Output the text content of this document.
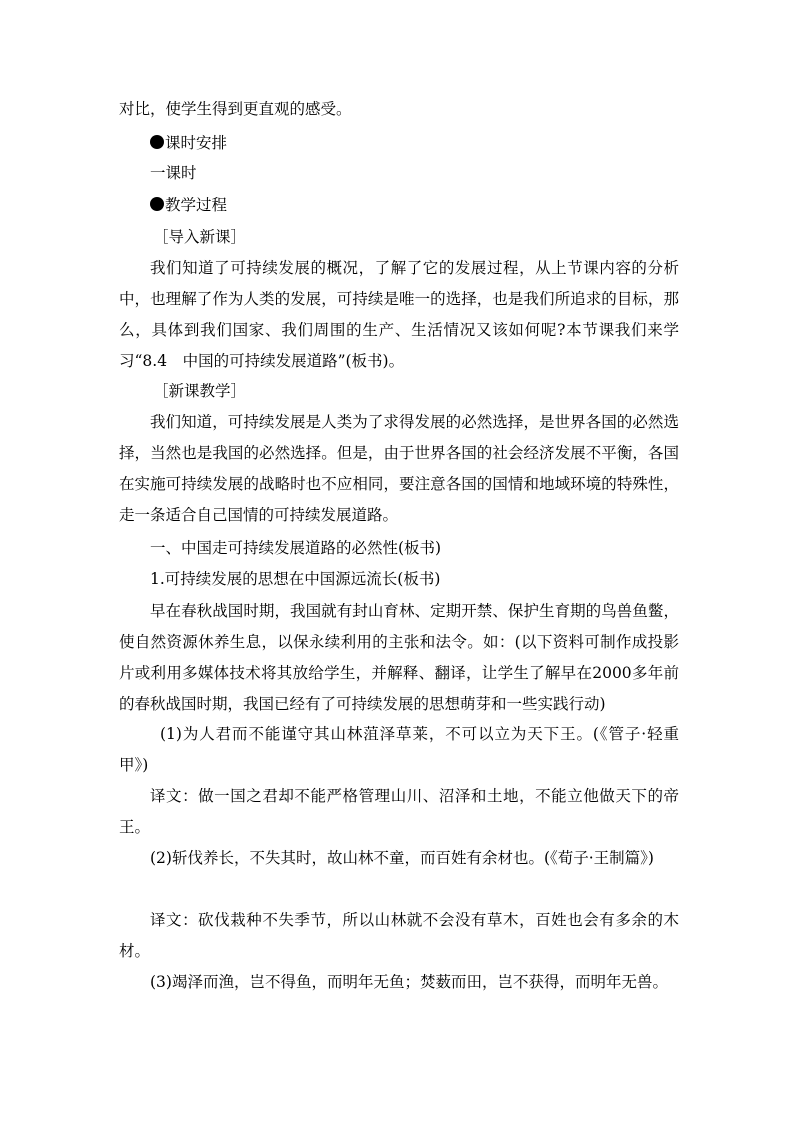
对比，使学生得到更直观的感受。

课时安排

一课时

教学过程

［导入新课］

我们知道了可持续发展的概况，了解了它的发展过程，从上节课内容的分析中，也理解了作为人类的发展，可持续是唯一的选择，也是我们所追求的目标，那么，具体到我们国家、我们周围的生产、生活情况又该如何呢?本节课我们来学习“8.4　中国的可持续发展道路”(板书)。

［新课教学］

我们知道，可持续发展是人类为了求得发展的必然选择，是世界各国的必然选择，当然也是我国的必然选择。但是，由于世界各国的社会经济发展不平衡，各国在实施可持续发展的战略时也不应相同，要注意各国的国情和地域环境的特殊性，走一条适合自己国情的可持续发展道路。

一、中国走可持续发展道路的必然性(板书)

1.可持续发展的思想在中国源远流长(板书)

早在春秋战国时期，我国就有封山育林、定期开禁、保护生育期的鸟兽鱼鳖，使自然资源休养生息，以保永续利用的主张和法令。如：(以下资料可制作成投影片或利用多媒体技术将其放给学生，并解释、翻译，让学生了解早在2000多年前的春秋战国时期，我国已经有了可持续发展的思想萌芽和一些实践行动)

(1)为人君而不能谨守其山林菹泽草莱，不可以立为天下王。(《管子·轻重甲》)

译文：做一国之君却不能严格管理山川、沼泽和土地，不能立他做天下的帝王。

(2)斩伐养长，不失其时，故山林不童，而百姓有余材也。(《荀子·王制篇》)

译文：砍伐栽种不失季节，所以山林就不会没有草木，百姓也会有多余的木材。

(3)竭泽而渔，岂不得鱼，而明年无鱼；焚薮而田，岂不获得，而明年无兽。
